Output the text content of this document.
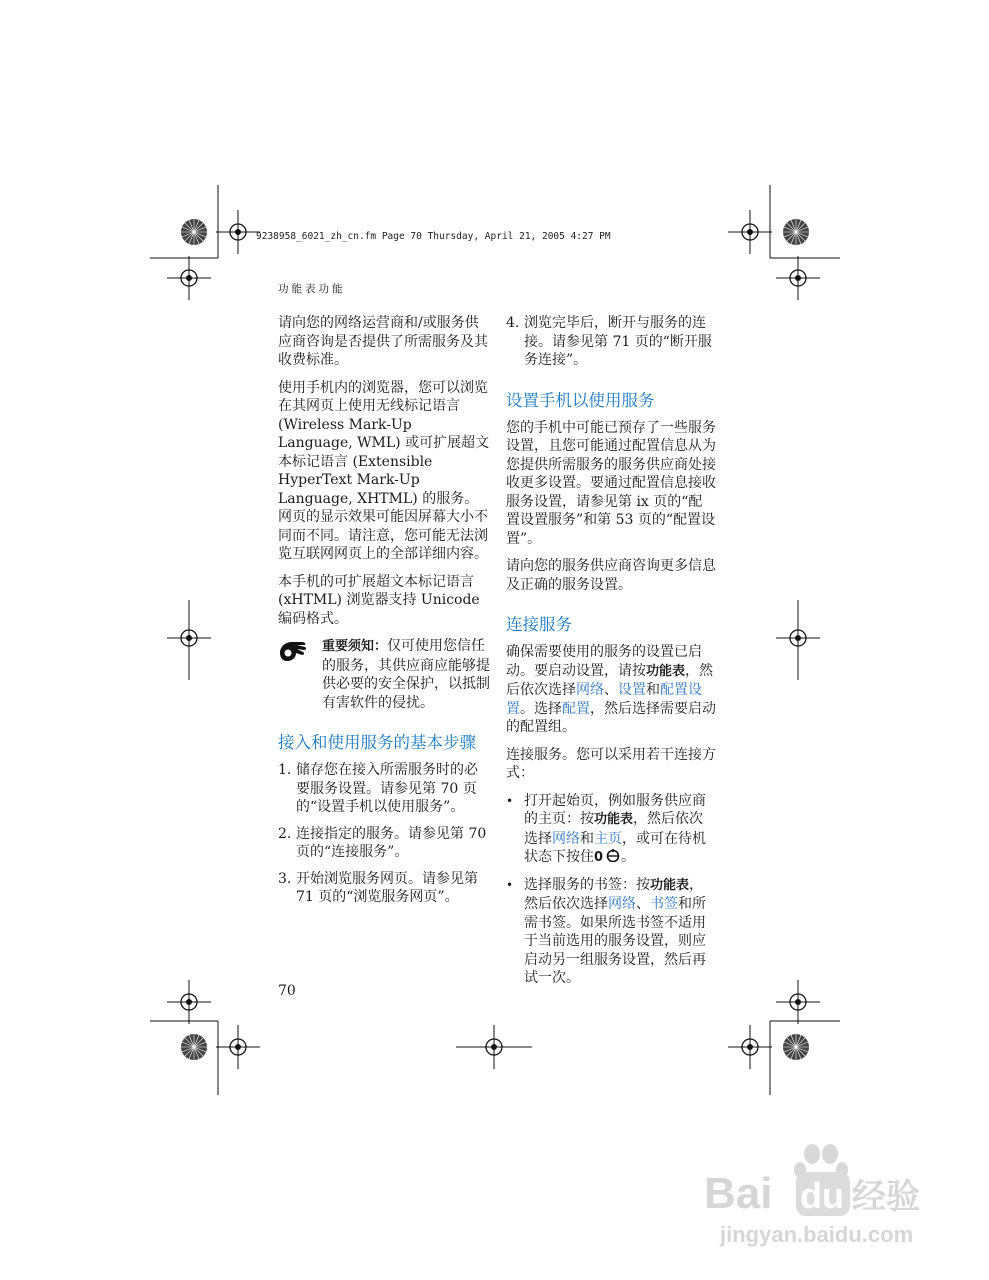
9238958_6021_zh_cn.fm Page 70 Thursday, April 21, 2005 4:27 PM
功能表功能

请向您的网络运营商和/或服务供应商咨询是否提供了所需服务及其收费标准。

使用手机内的浏览器，您可以浏览在其网页上使用无线标记语言 (Wireless Mark-Up Language, WML) 或可扩展超文本标记语言 (Extensible HyperText Mark-Up Language, XHTML) 的服务。网页的显示效果可能因屏幕大小不同而不同。请注意，您可能无法浏览互联网网页上的全部详细内容。

本手机的可扩展超文本标记语言 (xHTML) 浏览器支持 Unicode 编码格式。

重要须知：仅可使用您信任的服务，其供应商应能够提供必要的安全保护，以抵制有害软件的侵扰。
接入和使用服务的基本步骤
1. 储存您在接入所需服务时的必要服务设置。请参见第 70 页的“设置手机以使用服务”。
2. 连接指定的服务。请参见第 70 页的“连接服务”。
3. 开始浏览服务网页。请参见第 71 页的“浏览服务网页”。
4. 浏览完毕后，断开与服务的连接。请参见第 71 页的“断开服务连接”。
设置手机以使用服务

您的手机中可能已预存了一些服务设置，且您可能通过配置信息从为您提供所需服务的服务供应商处接收更多设置。要通过配置信息接收服务设置，请参见第 ix 页的“配置设置服务”和第 53 页的“配置设置”。

请向您的服务供应商咨询更多信息及正确的服务设置。

连接服务

确保需要使用的服务的设置已启动。要启动设置，请按功能表，然后依次选择网络、设置和配置设置。选择配置，然后选择需要启动的配置组。

连接服务。您可以采用若干连接方式：

• 打开起始页，例如服务供应商的主页：按功能表，然后依次选择网络和主页，或可在待机状态下按住0 。
• 选择服务的书签：按功能表，然后依次选择网络、书签和所需书签。如果所选书签不适用于当前选用的服务设置，则应启动另一组服务设置，然后再试一次。
70
Bai du 经验
jingyan.baidu.com
